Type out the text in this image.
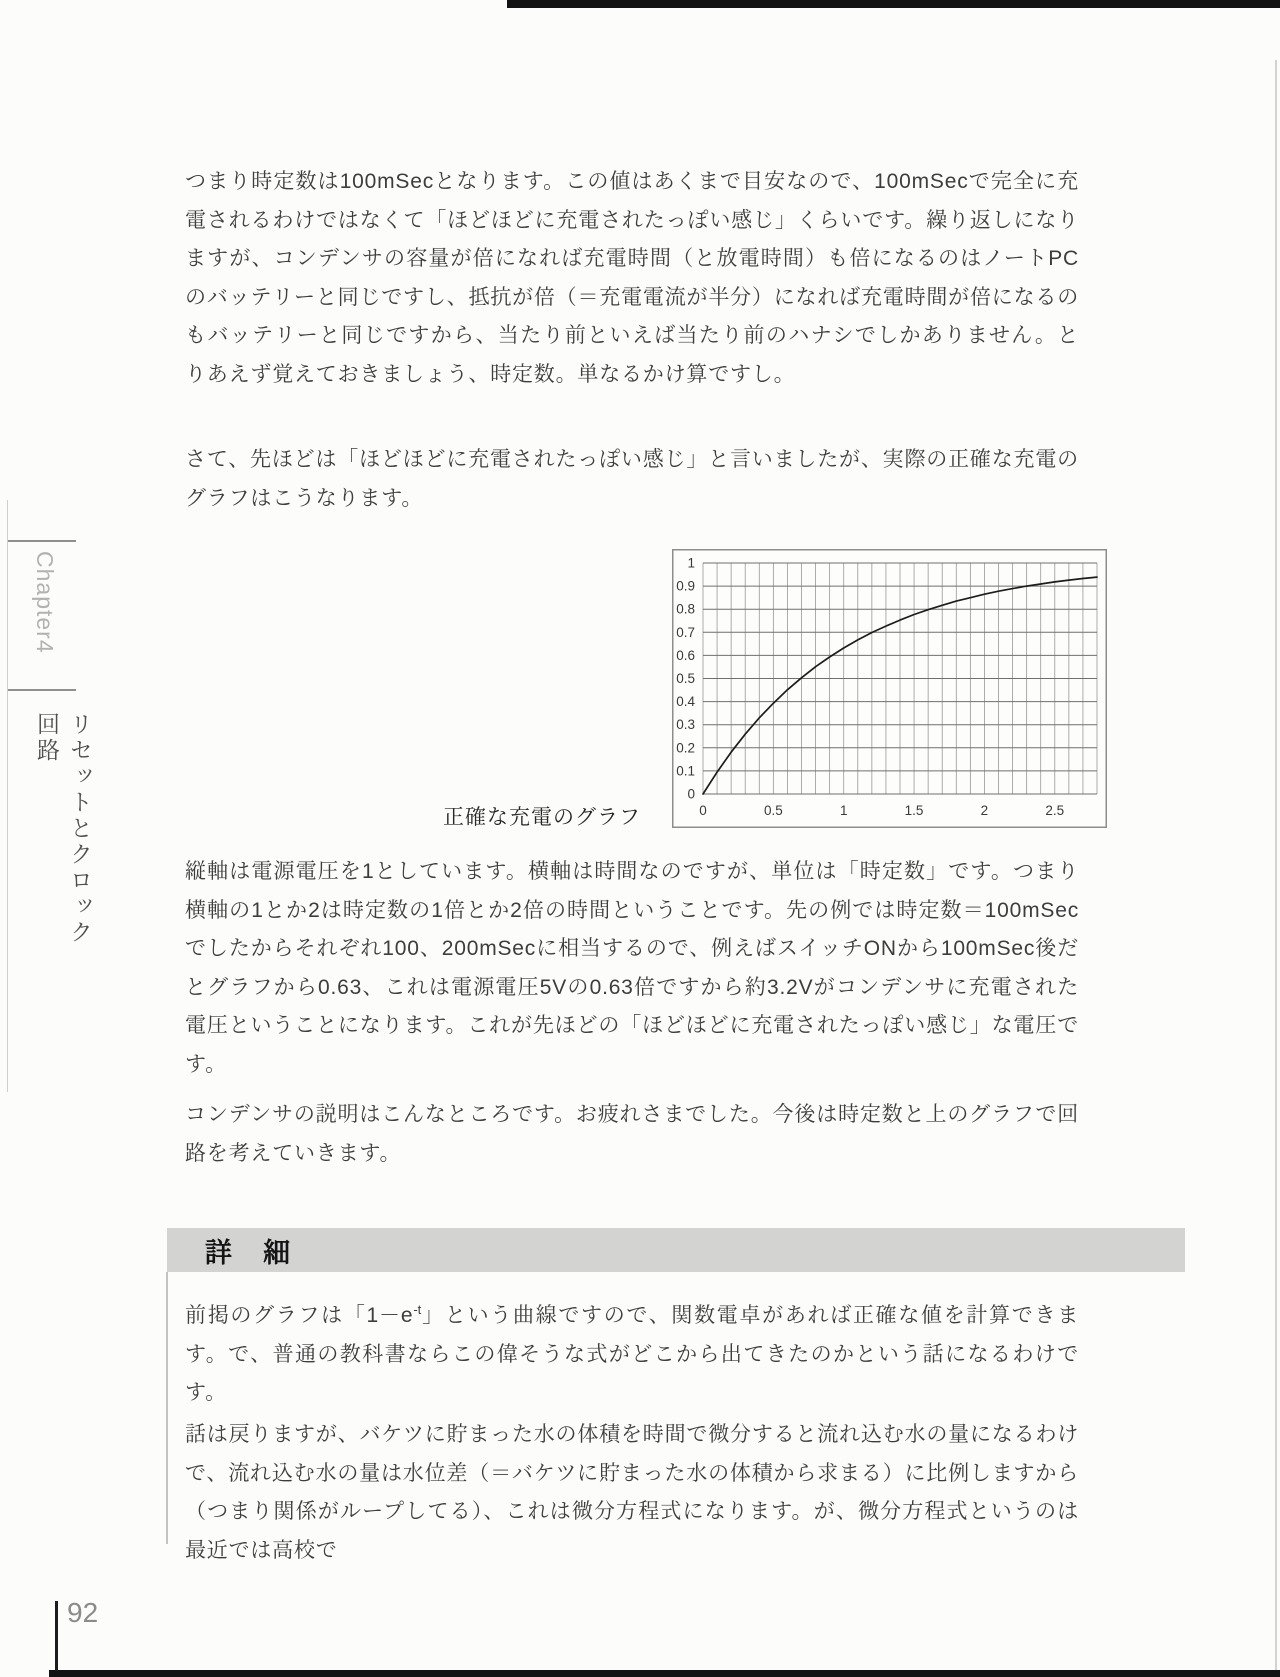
Chapter4
リセットとクロック回路

つまり時定数は100mSecとなります。この値はあくまで目安なので、100mSecで完全に充電されるわけではなくて「ほどほどに充電されたっぽい感じ」くらいです。繰り返しになりますが、コンデンサの容量が倍になれば充電時間（と放電時間）も倍になるのはノートPCのバッテリーと同じですし、抵抗が倍（＝充電電流が半分）になれば充電時間が倍になるのもバッテリーと同じですから、当たり前といえば当たり前のハナシでしかありません。とりあえず覚えておきましょう、時定数。単なるかけ算ですし。

さて、先ほどは「ほどほどに充電されたっぽい感じ」と言いましたが、実際の正確な充電のグラフはこうなります。

1
0.9
0.8
0.7
0.6
0.5
0.4
0.3
0.2
0.1
0
0	0.5	1	1.5	2	2.5
正確な充電のグラフ

縦軸は電源電圧を1としています。横軸は時間なのですが、単位は「時定数」です。つまり横軸の1とか2は時定数の1倍とか2倍の時間ということです。先の例では時定数＝100mSecでしたからそれぞれ100、200mSecに相当するので、例えばスイッチONから100mSec後だとグラフから0.63、これは電源電圧5Vの0.63倍ですから約3.2Vがコンデンサに充電された電圧ということになります。これが先ほどの「ほどほどに充電されたっぽい感じ」な電圧です。

コンデンサの説明はこんなところです。お疲れさまでした。今後は時定数と上のグラフで回路を考えていきます。

詳　細

前掲のグラフは「$1-e^{-t}$」という曲線ですので、関数電卓があれば正確な値を計算できます。で、普通の教科書ならこの偉そうな式がどこから出てきたのかという話になるわけです。

話は戻りますが、バケツに貯まった水の体積を時間で微分すると流れ込む水の量になるわけで、流れ込む水の量は水位差（＝バケツに貯まった水の体積から求まる）に比例しますから（つまり関係がループしてる）、これは微分方程式になります。が、微分方程式というのは最近では高校で

92
